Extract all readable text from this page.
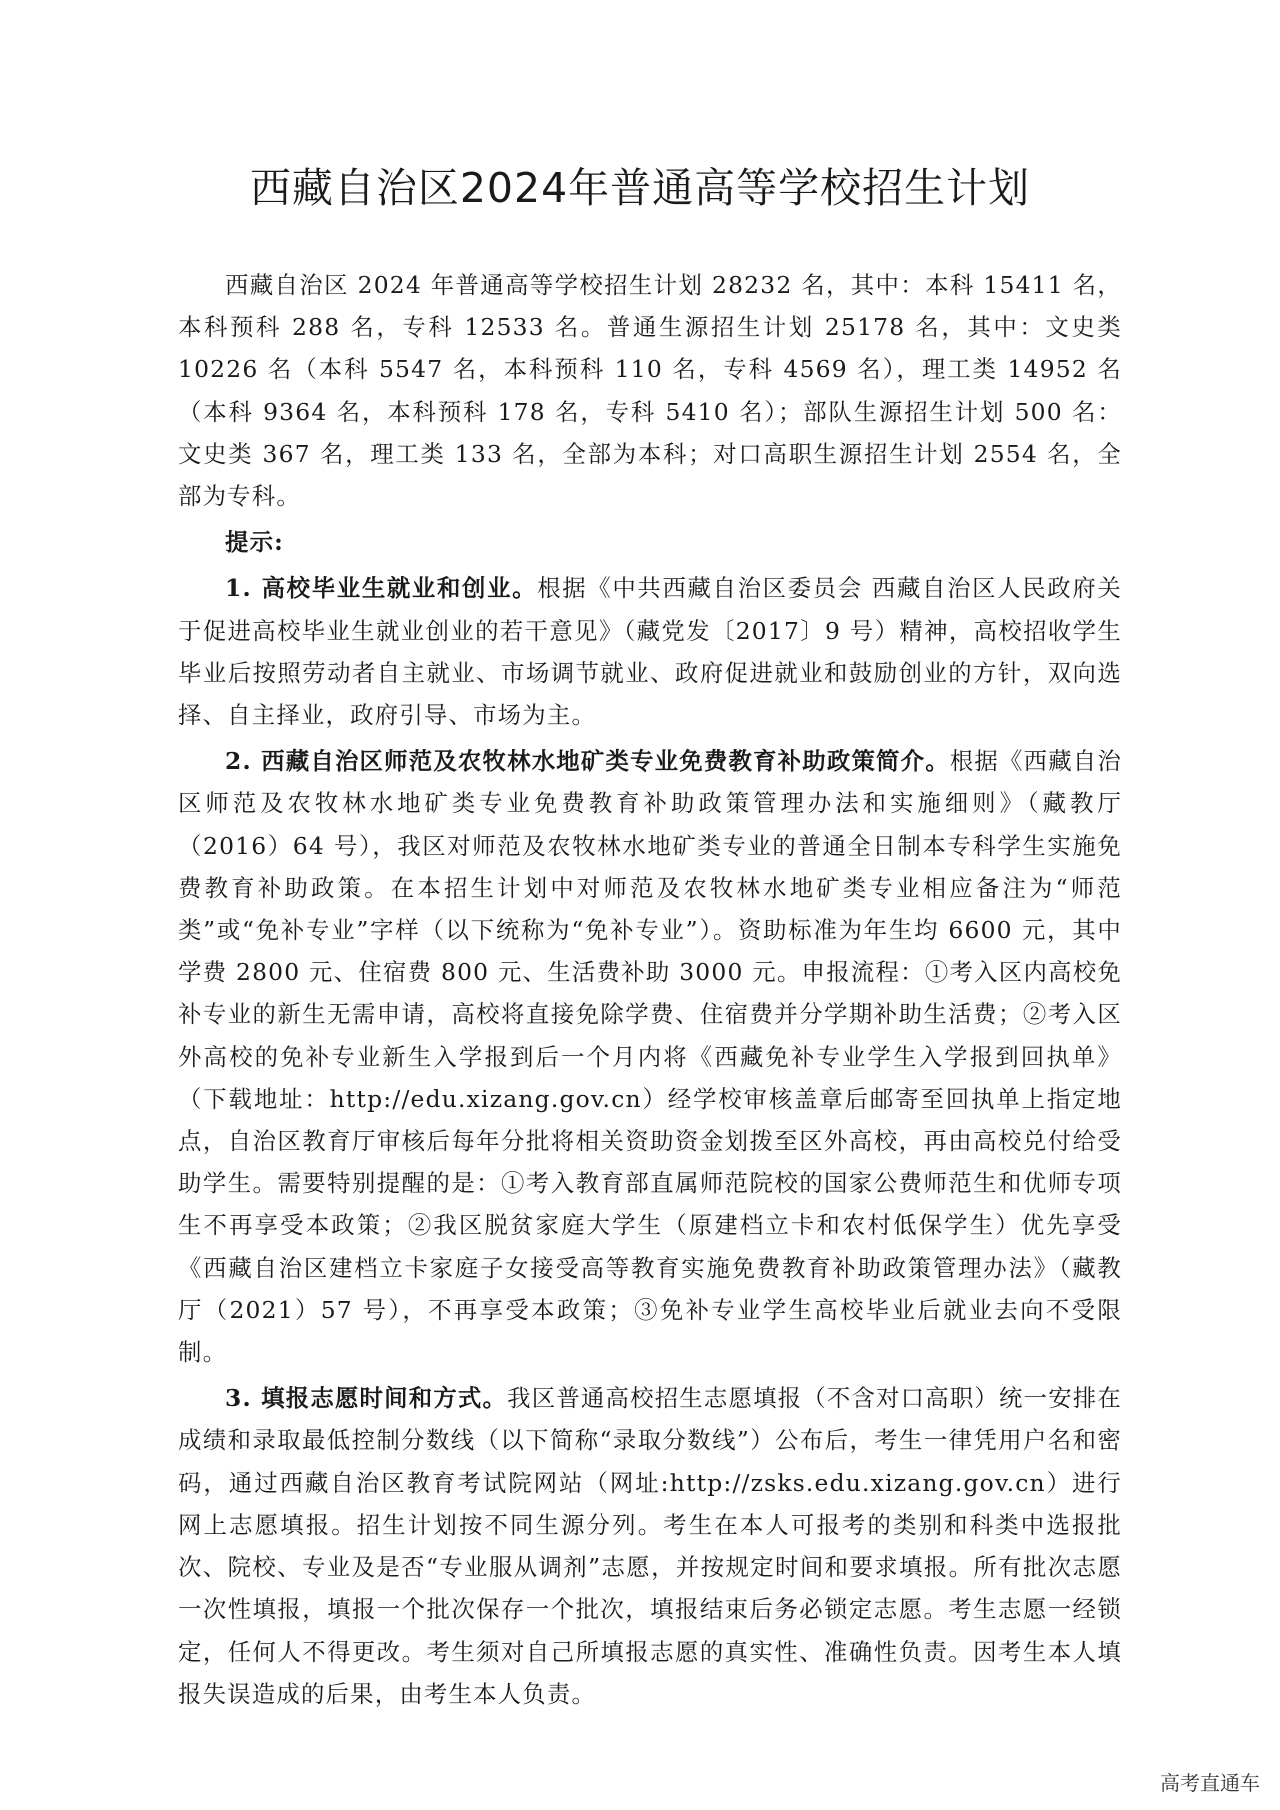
西藏自治区2024年普通高等学校招生计划

西藏自治区 2024 年普通高等学校招生计划 28232 名，其中：本科 15411 名，本科预科 288 名，专科 12533 名。普通生源招生计划 25178 名，其中：文史类 10226 名（本科 5547 名，本科预科 110 名，专科 4569 名），理工类 14952 名（本科 9364 名，本科预科 178 名，专科 5410 名）；部队生源招生计划 500 名：文史类 367 名，理工类 133 名，全部为本科；对口高职生源招生计划 2554 名，全部为专科。

提示:

1. 高校毕业生就业和创业。根据《中共西藏自治区委员会 西藏自治区人民政府关于促进高校毕业生就业创业的若干意见》（藏党发〔2017〕9 号）精神，高校招收学生毕业后按照劳动者自主就业、市场调节就业、政府促进就业和鼓励创业的方针，双向选择、自主择业，政府引导、市场为主。

2. 西藏自治区师范及农牧林水地矿类专业免费教育补助政策简介。根据《西藏自治区师范及农牧林水地矿类专业免费教育补助政策管理办法和实施细则》（藏教厅（2016）64 号），我区对师范及农牧林水地矿类专业的普通全日制本专科学生实施免费教育补助政策。在本招生计划中对师范及农牧林水地矿类专业相应备注为“师范类”或“免补专业”字样（以下统称为“免补专业”）。资助标准为年生均 6600 元，其中学费 2800 元、住宿费 800 元、生活费补助 3000 元。申报流程：①考入区内高校免补专业的新生无需申请，高校将直接免除学费、住宿费并分学期补助生活费；②考入区外高校的免补专业新生入学报到后一个月内将《西藏免补专业学生入学报到回执单》（下载地址：http://edu.xizang.gov.cn）经学校审核盖章后邮寄至回执单上指定地点，自治区教育厅审核后每年分批将相关资助资金划拨至区外高校，再由高校兑付给受助学生。需要特别提醒的是：①考入教育部直属师范院校的国家公费师范生和优师专项生不再享受本政策；②我区脱贫家庭大学生（原建档立卡和农村低保学生）优先享受《西藏自治区建档立卡家庭子女接受高等教育实施免费教育补助政策管理办法》（藏教厅（2021）57 号），不再享受本政策；③免补专业学生高校毕业后就业去向不受限制。

3. 填报志愿时间和方式。我区普通高校招生志愿填报（不含对口高职）统一安排在成绩和录取最低控制分数线（以下简称“录取分数线”）公布后，考生一律凭用户名和密码，通过西藏自治区教育考试院网站（网址:http://zsks.edu.xizang.gov.cn）进行网上志愿填报。招生计划按不同生源分列。考生在本人可报考的类别和科类中选报批次、院校、专业及是否“专业服从调剂”志愿，并按规定时间和要求填报。所有批次志愿一次性填报，填报一个批次保存一个批次，填报结束后务必锁定志愿。考生志愿一经锁定，任何人不得更改。考生须对自己所填报志愿的真实性、准确性负责。因考生本人填报失误造成的后果，由考生本人负责。

高考直通车
